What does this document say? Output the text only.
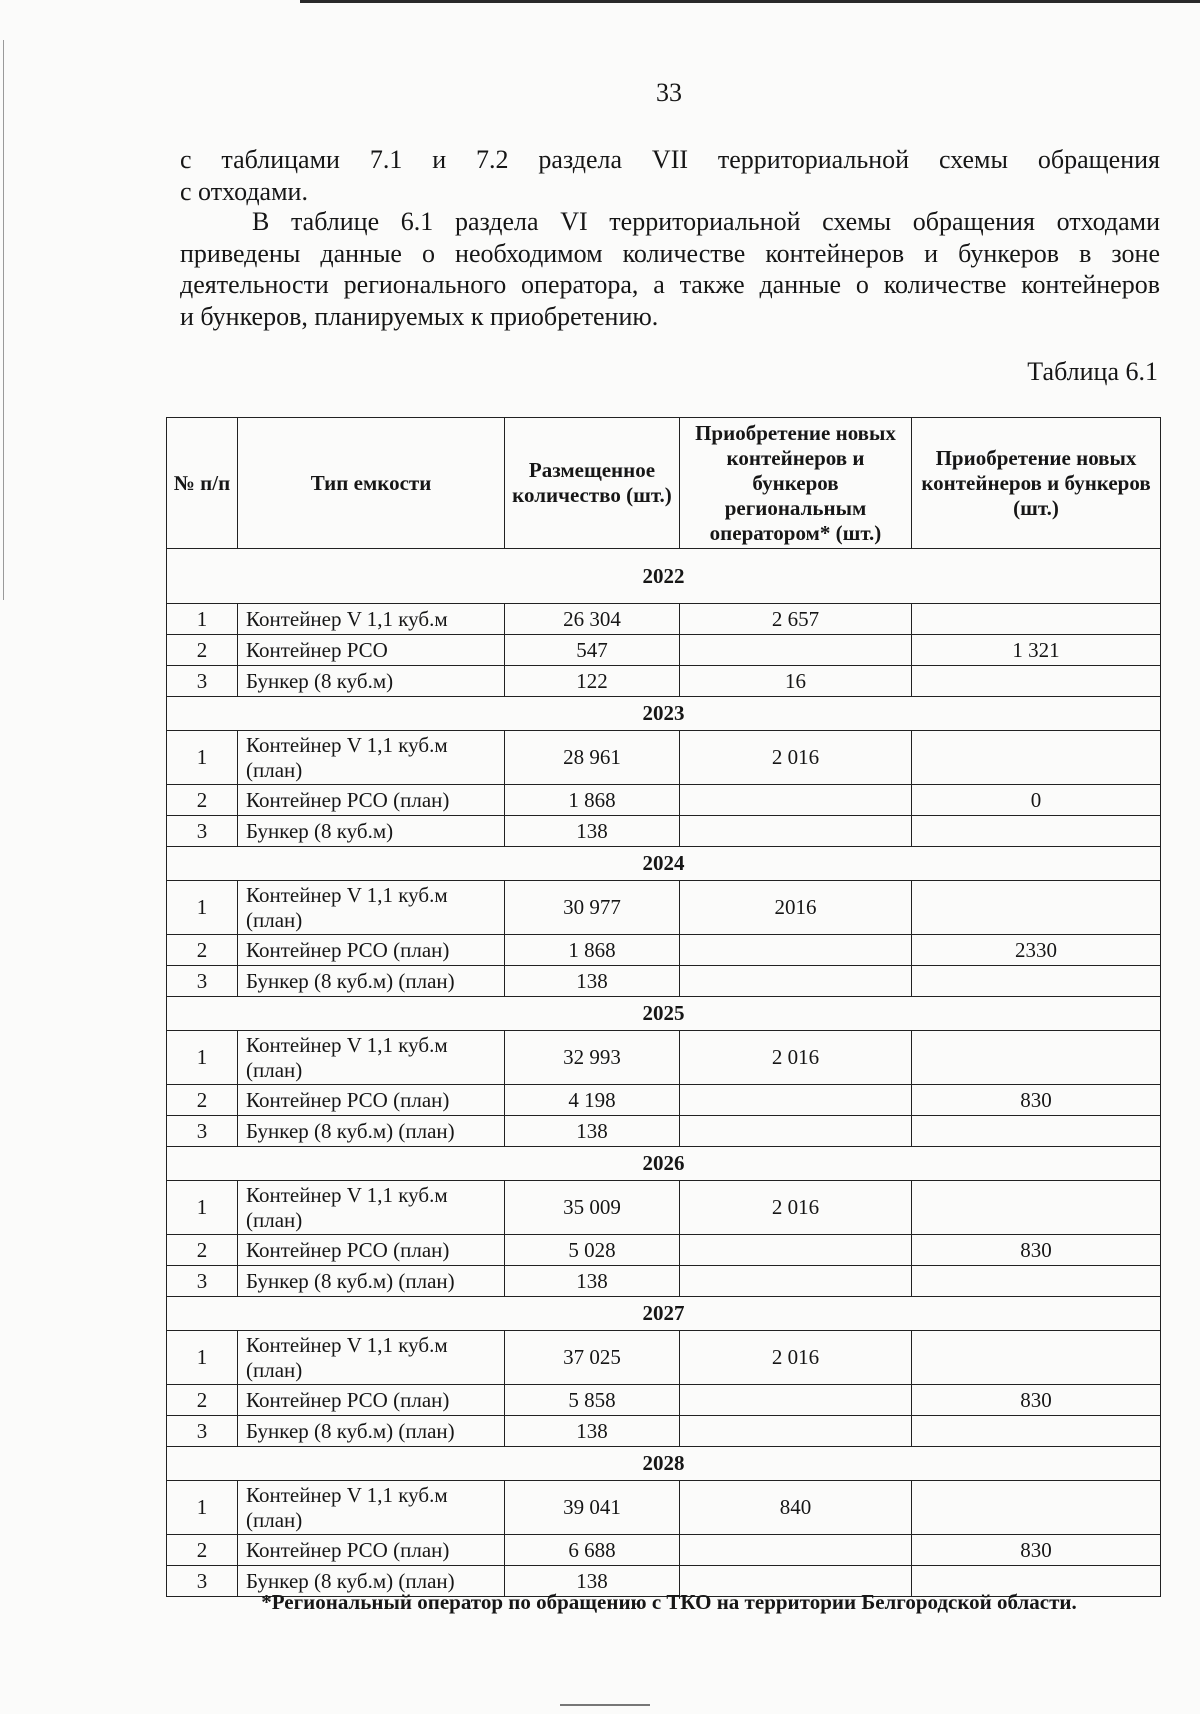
33
с таблицами 7.1 и 7.2 раздела VII территориальной схемы обращения
с отходами.
В таблице 6.1 раздела VI территориальной схемы обращения отходами
приведены данные о необходимом количестве контейнеров и бункеров в зоне
деятельности регионального оператора, а также данные о количестве контейнеров
и бункеров, планируемых к приобретению.
Таблица 6.1
№ п/п	Тип емкости	Размещенное количество (шт.)	Приобретение новых контейнеров и бункеров региональным оператором* (шт.)	Приобретение новых контейнеров и бункеров (шт.)
2022				
1	Контейнер V 1,1 куб.м	26 304	2 657	
2	Контейнер РСО	547		1 321
3	Бункер (8 куб.м)	122	16	
2023				
1	Контейнер V 1,1 куб.м (план)	28 961	2 016	
2	Контейнер РСО (план)	1 868		0
3	Бункер (8 куб.м)	138		
2024				
1	Контейнер V 1,1 куб.м (план)	30 977	2016	
2	Контейнер РСО (план)	1 868		2330
3	Бункер (8 куб.м) (план)	138		
2025				
1	Контейнер V 1,1 куб.м (план)	32 993	2 016	
2	Контейнер РСО (план)	4 198		830
3	Бункер (8 куб.м) (план)	138		
2026				
1	Контейнер V 1,1 куб.м (план)	35 009	2 016	
2	Контейнер РСО (план)	5 028		830
3	Бункер (8 куб.м) (план)	138		
2027				
1	Контейнер V 1,1 куб.м (план)	37 025	2 016	
2	Контейнер РСО (план)	5 858		830
3	Бункер (8 куб.м) (план)	138		
2028				
1	Контейнер V 1,1 куб.м (план)	39 041	840	
2	Контейнер РСО (план)	6 688		830
3	Бункер (8 куб.м) (план)	138		
*Региональный оператор по обращению с ТКО на территории Белгородской области.
